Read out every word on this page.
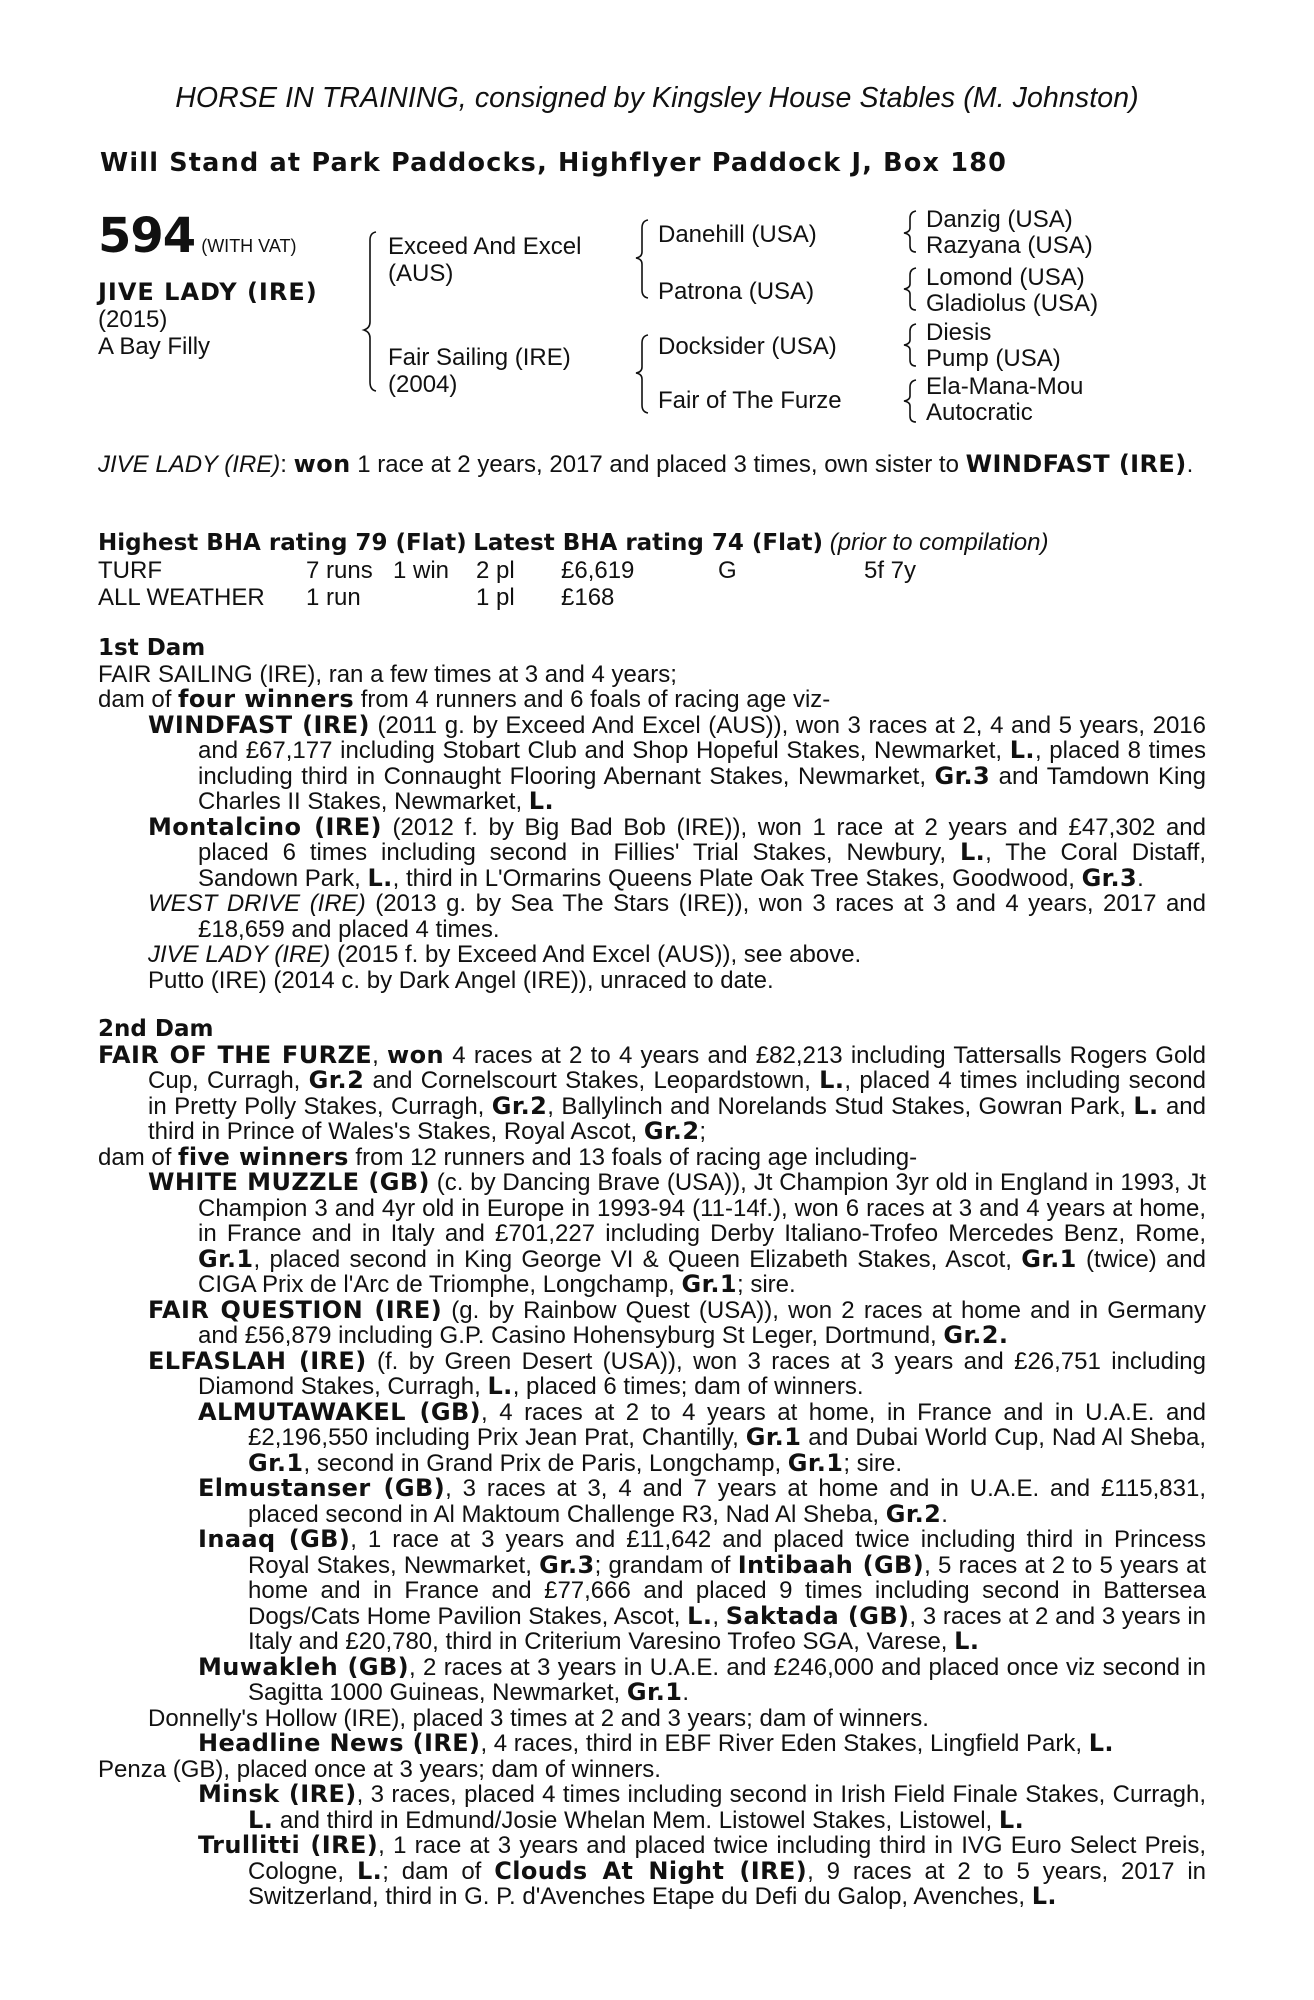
HORSE IN TRAINING, consigned by Kingsley House Stables (M. Johnston)
Will Stand at Park Paddocks, Highflyer Paddock J, Box 180
594 (WITH VAT)
JIVE LADY (IRE)
(2015)
A Bay Filly
Exceed And Excel (AUS)
Fair Sailing (IRE) (2004)
Danehill (USA)
Patrona (USA)
Docksider (USA)
Fair of The Furze
Danzig (USA)
Razyana (USA)
Lomond (USA)
Gladiolus (USA)
Diesis
Pump (USA)
Ela-Mana-Mou
Autocratic

JIVE LADY (IRE): won 1 race at 2 years, 2017 and placed 3 times, own sister to WINDFAST (IRE).

Highest BHA rating 79 (Flat) Latest BHA rating 74 (Flat) (prior to compilation)
TURF	7 runs 1 win 2 pl £6,619	G	5f 7y
ALL WEATHER 1 run	1 pl £168

1st Dam

FAIR SAILING (IRE), ran a few times at 3 and 4 years;

dam of four winners from 4 runners and 6 foals of racing age viz-

WINDFAST (IRE) (2011 g. by Exceed And Excel (AUS)), won 3 races at 2, 4 and 5 years, 2016 and £67,177 including Stobart Club and Shop Hopeful Stakes, Newmarket, L., placed 8 times including third in Connaught Flooring Abernant Stakes, Newmarket, Gr.3 and Tamdown King Charles II Stakes, Newmarket, L.

Montalcino (IRE) (2012 f. by Big Bad Bob (IRE)), won 1 race at 2 years and £47,302 and placed 6 times including second in Fillies' Trial Stakes, Newbury, L., The Coral Distaff, Sandown Park, L., third in L'Ormarins Queens Plate Oak Tree Stakes, Goodwood, Gr.3.

WEST DRIVE (IRE) (2013 g. by Sea The Stars (IRE)), won 3 races at 3 and 4 years, 2017 and £18,659 and placed 4 times.

JIVE LADY (IRE) (2015 f. by Exceed And Excel (AUS)), see above.

Putto (IRE) (2014 c. by Dark Angel (IRE)), unraced to date.

2nd Dam

FAIR OF THE FURZE, won 4 races at 2 to 4 years and £82,213 including Tattersalls Rogers Gold Cup, Curragh, Gr.2 and Cornelscourt Stakes, Leopardstown, L., placed 4 times including second in Pretty Polly Stakes, Curragh, Gr.2, Ballylinch and Norelands Stud Stakes, Gowran Park, L. and third in Prince of Wales's Stakes, Royal Ascot, Gr.2;

dam of five winners from 12 runners and 13 foals of racing age including-

WHITE MUZZLE (GB) (c. by Dancing Brave (USA)), Jt Champion 3yr old in England in 1993, Jt Champion 3 and 4yr old in Europe in 1993-94 (11-14f.), won 6 races at 3 and 4 years at home, in France and in Italy and £701,227 including Derby Italiano-Trofeo Mercedes Benz, Rome, Gr.1, placed second in King George VI & Queen Elizabeth Stakes, Ascot, Gr.1 (twice) and CIGA Prix de l'Arc de Triomphe, Longchamp, Gr.1; sire.

FAIR QUESTION (IRE) (g. by Rainbow Quest (USA)), won 2 races at home and in Germany and £56,879 including G.P. Casino Hohensyburg St Leger, Dortmund, Gr.2.

ELFASLAH (IRE) (f. by Green Desert (USA)), won 3 races at 3 years and £26,751 including Diamond Stakes, Curragh, L., placed 6 times; dam of winners.

ALMUTAWAKEL (GB), 4 races at 2 to 4 years at home, in France and in U.A.E. and £2,196,550 including Prix Jean Prat, Chantilly, Gr.1 and Dubai World Cup, Nad Al Sheba, Gr.1, second in Grand Prix de Paris, Longchamp, Gr.1; sire.

Elmustanser (GB), 3 races at 3, 4 and 7 years at home and in U.A.E. and £115,831, placed second in Al Maktoum Challenge R3, Nad Al Sheba, Gr.2.

Inaaq (GB), 1 race at 3 years and £11,642 and placed twice including third in Princess Royal Stakes, Newmarket, Gr.3; grandam of Intibaah (GB), 5 races at 2 to 5 years at home and in France and £77,666 and placed 9 times including second in Battersea Dogs/Cats Home Pavilion Stakes, Ascot, L., Saktada (GB), 3 races at 2 and 3 years in Italy and £20,780, third in Criterium Varesino Trofeo SGA, Varese, L.

Muwakleh (GB), 2 races at 3 years in U.A.E. and £246,000 and placed once viz second in Sagitta 1000 Guineas, Newmarket, Gr.1.

Donnelly's Hollow (IRE), placed 3 times at 2 and 3 years; dam of winners.

Headline News (IRE), 4 races, third in EBF River Eden Stakes, Lingfield Park, L.

Penza (GB), placed once at 3 years; dam of winners.

Minsk (IRE), 3 races, placed 4 times including second in Irish Field Finale Stakes, Curragh, L. and third in Edmund/Josie Whelan Mem. Listowel Stakes, Listowel, L.

Trullitti (IRE), 1 race at 3 years and placed twice including third in IVG Euro Select Preis, Cologne, L.; dam of Clouds At Night (IRE), 9 races at 2 to 5 years, 2017 in Switzerland, third in G. P. d'Avenches Etape du Defi du Galop, Avenches, L.
